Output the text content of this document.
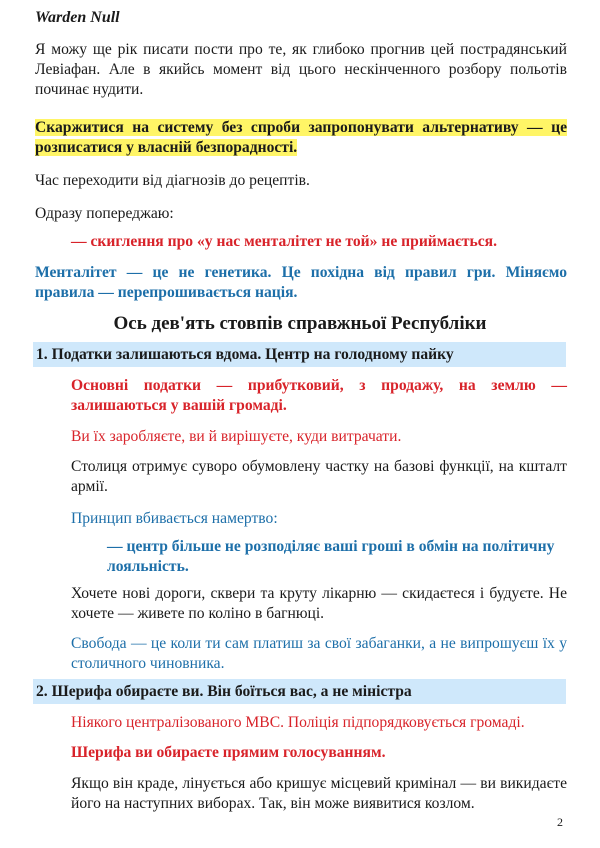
Warden Null

Я можу ще рік писати пости про те, як глибоко прогнив цей пострадянський Левіафан. Але в якийсь момент від цього нескінченного розбору польотів починає нудити.

Скаржитися на систему без спроби запропонувати альтернативу — це розписатися у власній безпорадності.

Час переходити від діагнозів до рецептів.

Одразу попереджаю:

— скиглення про «у нас менталітет не той» не приймається.

Менталітет — це не генетика. Це похідна від правил гри. Міняємо правила — перепрошивається нація.

Ось дев'ять стовпів справжньої Республіки

1. Податки залишаються вдома. Центр на голодному пайку

Основні податки — прибутковий, з продажу, на землю — залишаються у вашій громаді.

Ви їх заробляєте, ви й вирішуєте, куди витрачати.

Столиця отримує суворо обумовлену частку на базові функції, на кшталт армії.

Принцип вбивається намертво:

— центр більше не розподіляє ваші гроші в обмін на політичну лояльність.

Хочете нові дороги, сквери та круту лікарню — скидаєтеся і будуєте. Не хочете — живете по коліно в багнюці.

Свобода — це коли ти сам платиш за свої забаганки, а не випрошуєш їх у столичного чиновника.

2. Шерифа обираєте ви. Він боїться вас, а не міністра

Ніякого централізованого МВС. Поліція підпорядковується громаді.

Шерифа ви обираєте прямим голосуванням.

Якщо він краде, лінується або кришує місцевий кримінал — ви викидаєте його на наступних виборах. Так, він може виявитися козлом.

2
